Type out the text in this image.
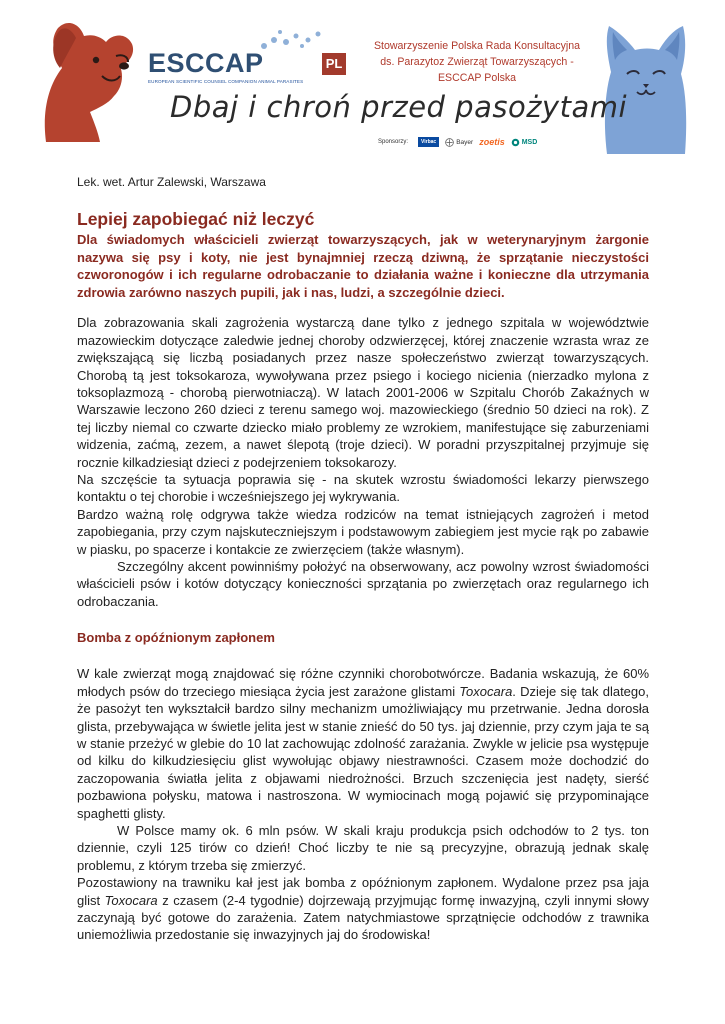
ESCCAP	PL
EUROPEAN SCIENTIFIC COUNSEL COMPANION ANIMAL PARASITES
Stowarzyszenie Polska Rada Konsultacyjna
ds. Parazytoz Zwierząt Towarzyszących -
ESCCAP Polska
Dbaj i chroń przed pasożytami
Sponsorzy:	Virbac	Bayer zoetis MSD

Lek. wet. Artur Zalewski, Warszawa

Lepiej zapobiegać niż leczyć

Dla świadomych właścicieli zwierząt towarzyszących, jak w weterynaryjnym żargonie nazywa się psy i koty, nie jest bynajmniej rzeczą dziwną, że sprzątanie nieczystości czworonogów i ich regularne odrobaczanie to działania ważne i konieczne dla utrzymania zdrowia zarówno naszych pupili, jak i nas, ludzi, a szczególnie dzieci.

Dla zobrazowania skali zagrożenia wystarczą dane tylko z jednego szpitala w województwie mazowieckim dotyczące zaledwie jednej choroby odzwierzęcej, której znaczenie wzrasta wraz ze zwiększającą się liczbą posiadanych przez nasze społeczeństwo zwierząt towarzyszących. Chorobą tą jest toksokaroza, wywoływana przez psiego i kociego nicienia (nierzadko mylona z toksoplazmozą - chorobą pierwotniaczą). W latach 2001-2006 w Szpitalu Chorób Zakaźnych w Warszawie leczono 260 dzieci z terenu samego woj. mazowieckiego (średnio 50 dzieci na rok). Z tej liczby niemal co czwarte dziecko miało problemy ze wzrokiem, manifestujące się zaburzeniami widzenia, zaćmą, zezem, a nawet ślepotą (troje dzieci). W poradni przyszpitalnej przyjmuje się rocznie kilkadziesiąt dzieci z podejrzeniem toksokarozy.

Na szczęście ta sytuacja poprawia się - na skutek wzrostu świadomości lekarzy pierwszego kontaktu o tej chorobie i wcześniejszego jej wykrywania.

Bardzo ważną rolę odgrywa także wiedza rodziców na temat istniejących zagrożeń i metod zapobiegania, przy czym najskuteczniejszym i podstawowym zabiegiem jest mycie rąk po zabawie w piasku, po spacerze i kontakcie ze zwierzęciem (także własnym).

Szczególny akcent powinniśmy położyć na obserwowany, acz powolny wzrost świadomości właścicieli psów i kotów dotyczący konieczności sprzątania po zwierzętach oraz regularnego ich odrobaczania.

Bomba z opóźnionym zapłonem

W kale zwierząt mogą znajdować się różne czynniki chorobotwórcze. Badania wskazują, że 60% młodych psów do trzeciego miesiąca życia jest zarażone glistami Toxocara. Dzieje się tak dlatego, że pasożyt ten wykształcił bardzo silny mechanizm umożliwiający mu przetrwanie. Jedna dorosła glista, przebywająca w świetle jelita jest w stanie znieść do 50 tys. jaj dziennie, przy czym jaja te są w stanie przeżyć w glebie do 10 lat zachowując zdolność zarażania. Zwykle w jelicie psa występuje od kilku do kilkudziesięciu glist wywołując objawy niestrawności. Czasem może dochodzić do zaczopowania światła jelita z objawami niedrożności. Brzuch szczenięcia jest nadęty, sierść pozbawiona połysku, matowa i nastroszona. W wymiocinach mogą pojawić się przypominające spaghetti glisty.

W Polsce mamy ok. 6 mln psów. W skali kraju produkcja psich odchodów to 2 tys. ton dziennie, czyli 125 tirów co dzień! Choć liczby te nie są precyzyjne, obrazują jednak skalę problemu, z którym trzeba się zmierzyć.

Pozostawiony na trawniku kał jest jak bomba z opóźnionym zapłonem. Wydalone przez psa jaja glist Toxocara z czasem (2-4 tygodnie) dojrzewają przyjmując formę inwazyjną, czyli innymi słowy zaczynają być gotowe do zarażenia. Zatem natychmiastowe sprzątnięcie odchodów z trawnika uniemożliwia przedostanie się inwazyjnych jaj do środowiska!
